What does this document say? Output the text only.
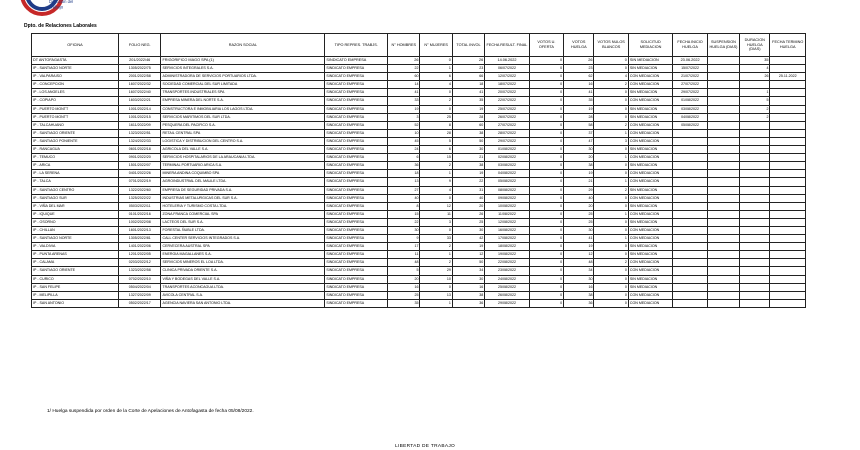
Dirección del
Trabajo
Dpto. de Relaciones Laborales
OFICINA	FOLIO NEG.	RAZON SOCIAL	TIPO REPRES. TRABJS.	N° HOMBRES	N° MUJERES	TOTAL INVOL	FECHA RESULT. FINAL	VOTOS U. OFERTA	VOTOS HUELGA	VOTOS NULOS BLANCOS	SOLICITUD MEDIACION	FECHA INICIO HUELGA	SUSPENSION HUELGA (DIAS)	DURACION HUELGA (DIAS)	FECHA TERMINO HUELGA
DT ANTOFAGASTA	201/2022/46	FRIGORIFICO MAGO SPA (1)	SINDICATO EMPRESA	26	0	26	14.06.2022	0	26	0	SIN MEDIACION	23.06.2022		35	
IP - SANTIAGO NORTE	1305/2022/75	SERVICIOS INTEGRALES S.A.	SINDICATO EMPRESA	22	1	23	06/07/2022	0	23	0	SIN MEDIACION	15/07/2022		4	
IP - VALPARAISO	2001/2022/58	ADMINISTRADORA DE SERVICIOS PORTUARIOS LTDA.	SINDICATO EMPRESA	60	6	66	12/07/2022	0	62	4	CON MEDIACION	21/07/2022		26	25.11.2022
IP - CONCEPCION	1607/2022/32	SOCIEDAD COMERCIAL DEL SUR LIMITADA	SINDICATO EMPRESA	14	4	18	18/07/2022	0	16	2	CON MEDIACION	27/07/2022			
IP - LOS ANGELES	1607/2022/40	TRANSPORTES INDUSTRIALES SPA	SINDICATO EMPRESA	41	0	41	20/07/2022	0	41	0	SIN MEDIACION	29/07/2022		1	
IP - COPIAPO	1603/2022/21	EMPRESA MINERA DEL NORTE S.A.	SINDICATO EMPRESA	33	2	35	22/07/2022	0	35	0	CON MEDIACION	01/08/2022		5	
IP - PUERTO MONTT	1001/2022/14	CONSTRUCTORA E INMOBILIARIA LOS LAGOS LTDA.	SINDICATO EMPRESA	19	0	19	25/07/2022	0	19	0	SIN MEDIACION	03/08/2022		2	
IP - PUERTO MONTT	1001/2022/15	SERVICIOS MARITIMOS DEL SUR LTDA.	SINDICATO EMPRESA	3	25	28	26/07/2022	0	28	0	SIN MEDIACION	04/08/2022		2	
IP - TALCAHUANO	1611/2022/09	PESQUERA DEL PACIFICO S.A.	SINDICATO EMPRESA	52	8	60	27/07/2022	0	58	2	CON MEDIACION	05/08/2022			
IP - SANTIAGO ORIENTE	1323/2022/51	RETAIL CENTRAL SPA	SINDICATO EMPRESA	10	28	38	28/07/2022	0	37	1	CON MEDIACION				
IP - SANTIAGO PONIENTE	1324/2022/33	LOGISTICA Y DISTRIBUCION DEL CENTRO S.A.	SINDICATO EMPRESA	45	5	50	29/07/2022	0	47	3	CON MEDIACION				
IP - RANCAGUA	0601/2022/18	AGRICOLA DEL VALLE S.A.	SINDICATO EMPRESA	24	6	30	01/08/2022	0	30	0	SIN MEDIACION				
IP - TEMUCO	0901/2022/20	SERVICIOS HOSPITALARIOS DE LA ARAUCANIA LTDA.	SINDICATO EMPRESA	6	15	21	02/08/2022	0	20	1	CON MEDIACION				
IP - ARICA	1501/2022/07	TERMINAL PORTUARIO ARICA S.A.	SINDICATO EMPRESA	36	2	38	03/08/2022	0	38	0	SIN MEDIACION				
IP - LA SERENA	0401/2022/26	MINERA ANDINA COQUIMBO SPA	SINDICATO EMPRESA	18	1	19	04/08/2022	0	19	0	CON MEDIACION				
IP - TALCA	0701/2022/19	AGROINDUSTRIAL DEL MAULE LTDA.	SINDICATO EMPRESA	13	9	22	05/08/2022	0	21	1	CON MEDIACION				
IP - SANTIAGO CENTRO	1322/2022/60	EMPRESA DE SEGURIDAD PRIVADA S.A.	SINDICATO EMPRESA	27	4	31	08/08/2022	0	29	2	SIN MEDIACION				
IP - SANTIAGO SUR	1325/2022/22	INDUSTRIAS METALURGICAS DEL SUR S.A.	SINDICATO EMPRESA	40	0	40	09/08/2022	0	40	0	CON MEDIACION				
IP - VIÑA DEL MAR	0503/2022/11	HOTELERIA Y TURISMO COSTA LTDA.	SINDICATO EMPRESA	8	12	20	10/08/2022	0	20	0	SIN MEDIACION				
IP - IQUIQUE	0101/2022/16	ZONA FRANCA COMERCIAL SPA	SINDICATO EMPRESA	15	11	26	11/08/2022	0	25	1	CON MEDIACION				
IP - OSORNO	1002/2022/08	LACTEOS DEL SUR S.A.	SINDICATO EMPRESA	22	3	25	12/08/2022	0	25	0	SIN MEDIACION				
IP - CHILLAN	1601/2022/13	FORESTAL ÑUBLE LTDA.	SINDICATO EMPRESA	30	0	30	16/08/2022	0	30	0	CON MEDIACION				
IP - SANTIAGO NORTE	1305/2022/81	CALL CENTER SERVICIOS INTEGRADOS S.A.	SINDICATO EMPRESA	9	33	42	17/08/2022	0	41	1	CON MEDIACION				
IP - VALDIVIA	1401/2022/06	CERVECERA AUSTRAL SPA	SINDICATO EMPRESA	17	2	19	18/08/2022	0	19	0	SIN MEDIACION				
IP - PUNTA ARENAS	1201/2022/05	ENERGIA MAGALLANES S.A.	SINDICATO EMPRESA	11	1	12	19/08/2022	0	12	0	SIN MEDIACION				
IP - CALAMA	0203/2022/12	SERVICIOS MINEROS EL LOA LTDA.	SINDICATO EMPRESA	48	2	50	22/08/2022	0	48	2	CON MEDIACION				
IP - SANTIAGO ORIENTE	1323/2022/58	CLINICA PRIVADA ORIENTE S.A.	SINDICATO EMPRESA	5	29	34	23/08/2022	0	34	0	CON MEDIACION				
IP - CURICO	0702/2022/10	VIÑA Y BODEGAS DEL VALLE S.A.	SINDICATO EMPRESA	20	10	30	24/08/2022	0	30	0	SIN MEDIACION				
IP - SAN FELIPE	0504/2022/04	TRANSPORTES ACONCAGUA LTDA.	SINDICATO EMPRESA	16	0	16	25/08/2022	0	16	0	SIN MEDIACION				
IP - MELIPILLA	1327/2022/09	AVICOLA CENTRAL S.A.	SINDICATO EMPRESA	25	13	38	26/08/2022	0	38	0	CON MEDIACION				
IP - SAN ANTONIO	0502/2022/17	AGENCIA NAVIERA SAN ANTONIO LTDA.	SINDICATO EMPRESA	35	1	36	29/08/2022	0	36	0	CON MEDIACION				
1/ Huelga suspendida por orden de la Corte de Apelaciones de Antofagasta de fecha 05/08/2022.
LIBERTAD DE TRABAJO
